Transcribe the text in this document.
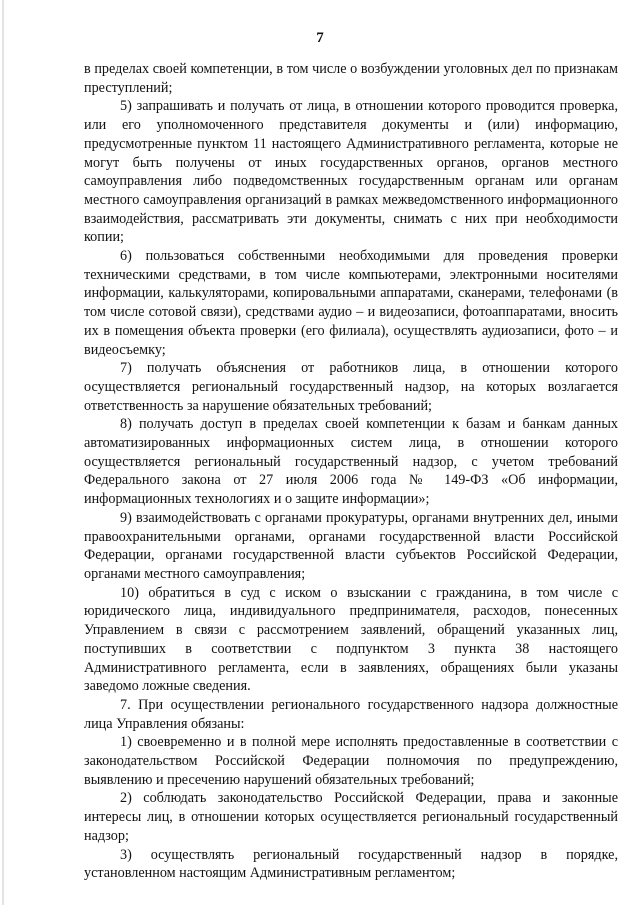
7

в пределах своей компетенции, в том числе о возбуждении уголовных дел по признакам преступлений;

5) запрашивать и получать от лица, в отношении которого проводится проверка, или его уполномоченного представителя документы и (или) информацию, предусмотренные пунктом 11 настоящего Административного регламента, которые не могут быть получены от иных государственных органов, органов местного самоуправления либо подведомственных государственным органам или органам местного самоуправления организаций в рамках межведомственного информационного взаимодействия, рассматривать эти документы, снимать с них при необходимости копии;

6) пользоваться собственными необходимыми для проведения проверки техническими средствами, в том числе компьютерами, электронными носителями информации, калькуляторами, копировальными аппаратами, сканерами, телефонами (в том числе сотовой связи), средствами аудио – и видеозаписи, фотоаппаратами, вносить их в помещения объекта проверки (его филиала), осуществлять аудиозаписи, фото – и видеосъемку;

7) получать объяснения от работников лица, в отношении которого осуществляется региональный государственный надзор, на которых возлагается ответственность за нарушение обязательных требований;

8) получать доступ в пределах своей компетенции к базам и банкам данных автоматизированных информационных систем лица, в отношении которого осуществляется региональный государственный надзор, с учетом требований Федерального закона от 27 июля 2006 года № 149-ФЗ «Об информации, информационных технологиях и о защите информации»;

9) взаимодействовать с органами прокуратуры, органами внутренних дел, иными правоохранительными органами, органами государственной власти Российской Федерации, органами государственной власти субъектов Российской Федерации, органами местного самоуправления;

10) обратиться в суд с иском о взыскании с гражданина, в том числе с юридического лица, индивидуального предпринимателя, расходов, понесенных Управлением в связи с рассмотрением заявлений, обращений указанных лиц, поступивших в соответствии с подпунктом 3 пункта 38 настоящего Административного регламента, если в заявлениях, обращениях были указаны заведомо ложные сведения.

7. При осуществлении регионального государственного надзора должностные лица Управления обязаны:

1) своевременно и в полной мере исполнять предоставленные в соответствии с законодательством Российской Федерации полномочия по предупреждению, выявлению и пресечению нарушений обязательных требований;

2) соблюдать законодательство Российской Федерации, права и законные интересы лиц, в отношении которых осуществляется региональный государственный надзор;

3) осуществлять региональный государственный надзор в порядке, установленном настоящим Административным регламентом;
